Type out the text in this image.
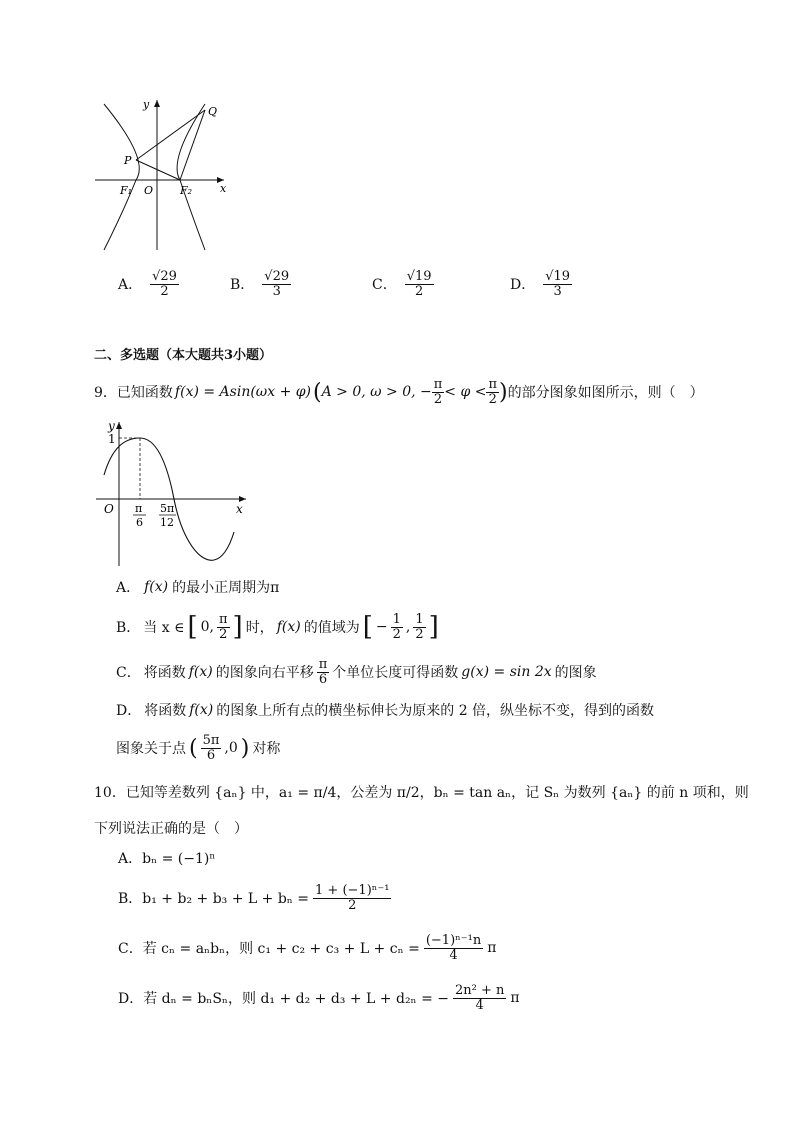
y
Q
P
F₁ O F₂	x
A． $\frac{√29}{2}$	B． $\frac{√29}{3}$	C． $\frac{√19}{2}$	D． $\frac{√19}{3}$
二、多选题（本大题共3小题）
9．已知函数 f(x) = Asin(ωx + φ) ( A > 0, ω > 0, − $\frac{\pi}{2} < \varphi < \frac{\pi}{2}$ ) 的部分图象如图所示，则（　）
y
1
O	x
π
6
5π
12
A． f(x) 的最小正周期为π
B． 当 x ∈ [ 0, $\frac{\pi}{2}$ ] 时， f(x) 的值域为 [ − $\frac{1}{2}$ , $\frac{1}{2}$ ]
C． 将函数 f(x) 的图象向右平移 $\frac{\pi}{6}$ 个单位长度可得函数 g(x) = sin 2x 的图象
D． 将函数 f(x) 的图象上所有点的横坐标伸长为原来的 2 倍，纵坐标不变，得到的函数
图象关于点 ( $\frac{5\pi}{6} ,0$ ) 对称
10．已知等差数列 {aₙ} 中，a₁ = π/4，公差为 π/2，bₙ = tan aₙ，记 Sₙ 为数列 {aₙ} 的前 n 项和，则
下列说法正确的是（　）
A．bₙ = (−1)ⁿ
B．$b_1 + b_2 + b_3 + L + b_n = \frac{\text{1 + (−1)ⁿ⁻¹}}{2}$
C．若 cₙ = aₙbₙ，则 $c_1 + c_2 + c_3 + L + c_n = \frac{\text{(−1)ⁿ⁻¹n}}{4}$ π
D．若 dₙ = bₙSₙ，则 d₁ + d₂ + d₃ + L + d₂ₙ = − $\frac{\text{2n² + n}}{4}$ π
